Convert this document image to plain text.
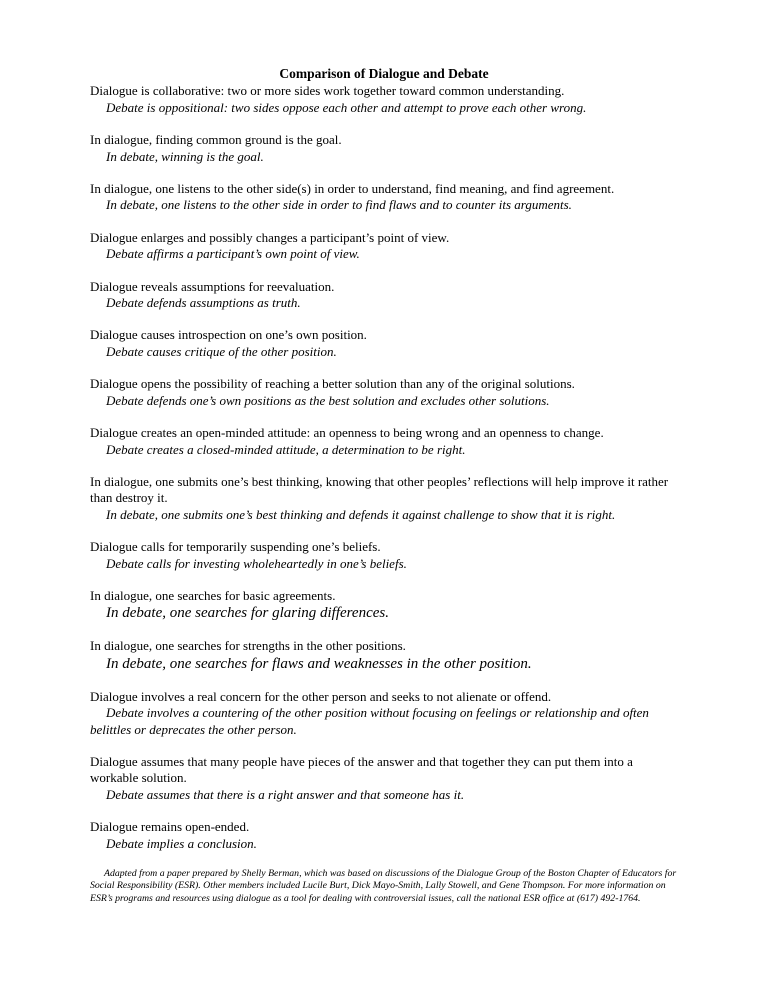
Comparison of Dialogue and Debate

Dialogue is collaborative: two or more sides work together toward common understanding.

Debate is oppositional: two sides oppose each other and attempt to prove each other wrong.

In dialogue, finding common ground is the goal.

In debate, winning is the goal.

In dialogue, one listens to the other side(s) in order to understand, find meaning, and find agreement.

In debate, one listens to the other side in order to find flaws and to counter its arguments.

Dialogue enlarges and possibly changes a participant’s point of view.

Debate affirms a participant’s own point of view.

Dialogue reveals assumptions for reevaluation.

Debate defends assumptions as truth.

Dialogue causes introspection on one’s own position.

Debate causes critique of the other position.

Dialogue opens the possibility of reaching a better solution than any of the original solutions.

Debate defends one’s own positions as the best solution and excludes other solutions.

Dialogue creates an open-minded attitude: an openness to being wrong and an openness to change.

Debate creates a closed-minded attitude, a determination to be right.

In dialogue, one submits one’s best thinking, knowing that other peoples’ reflections will help improve it rather than destroy it.

In debate, one submits one’s best thinking and defends it against challenge to show that it is right.

Dialogue calls for temporarily suspending one’s beliefs.

Debate calls for investing wholeheartedly in one’s beliefs.

In dialogue, one searches for basic agreements.

In debate, one searches for glaring differences.

In dialogue, one searches for strengths in the other positions.

In debate, one searches for flaws and weaknesses in the other position.

Dialogue involves a real concern for the other person and seeks to not alienate or offend.

Debate involves a countering of the other position without focusing on feelings or relationship and often belittles or deprecates the other person.

Dialogue assumes that many people have pieces of the answer and that together they can put them into a workable solution.

Debate assumes that there is a right answer and that someone has it.

Dialogue remains open-ended.

Debate implies a conclusion.

Adapted from a paper prepared by Shelly Berman, which was based on discussions of the Dialogue Group of the Boston Chapter of Educators for Social Responsibility (ESR). Other members included Lucile Burt, Dick Mayo-Smith, Lally Stowell, and Gene Thompson. For more information on ESR’s programs and resources using dialogue as a tool for dealing with controversial issues, call the national ESR office at (617) 492-1764.
